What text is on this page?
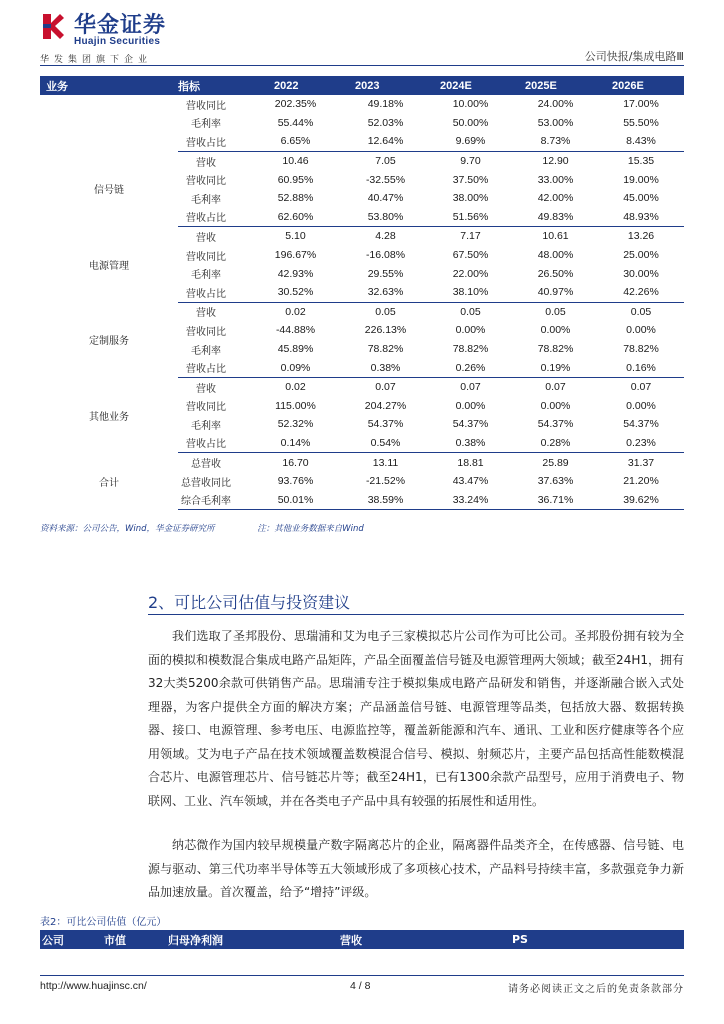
华金证券
Huajin Securities
华发集团旗下企业	公司快报/集成电路Ⅲ
业务	指标	2022	2023	2024E	2025E	2026E
	营收同比	202.35%	49.18%	10.00%	24.00%	17.00%
	毛利率	55.44%	52.03%	50.00%	53.00%	55.50%
	营收占比	6.65%	12.64%	9.69%	8.73%	8.43%
信号链	营收	10.46	7.05	9.70	12.90	15.35
	营收同比	60.95%	-32.55%	37.50%	33.00%	19.00%
	毛利率	52.88%	40.47%	38.00%	42.00%	45.00%
	营收占比	62.60%	53.80%	51.56%	49.83%	48.93%
电源管理	营收	5.10	4.28	7.17	10.61	13.26
	营收同比	196.67%	-16.08%	67.50%	48.00%	25.00%
	毛利率	42.93%	29.55%	22.00%	26.50%	30.00%
	营收占比	30.52%	32.63%	38.10%	40.97%	42.26%
定制服务	营收	0.02	0.05	0.05	0.05	0.05
	营收同比	-44.88%	226.13%	0.00%	0.00%	0.00%
	毛利率	45.89%	78.82%	78.82%	78.82%	78.82%
	营收占比	0.09%	0.38%	0.26%	0.19%	0.16%
其他业务	营收	0.02	0.07	0.07	0.07	0.07
	营收同比	115.00%	204.27%	0.00%	0.00%	0.00%
	毛利率	52.32%	54.37%	54.37%	54.37%	54.37%
	营收占比	0.14%	0.54%	0.38%	0.28%	0.23%
合计	总营收	16.70	13.11	18.81	25.89	31.37
	总营收同比	93.76%	-21.52%	43.47%	37.63%	21.20%
	综合毛利率	50.01%	38.59%	33.24%	36.71%	39.62%
资料来源：公司公告，Wind，华金证券研究所	注：其他业务数据来自Wind
2、可比公司估值与投资建议
我们选取了圣邦股份、思瑞浦和艾为电子三家模拟芯片公司作为可比公司。圣邦股份拥有较为全面的模拟和模数混合集成电路产品矩阵，产品全面覆盖信号链及电源管理两大领域；截至24H1，拥有32大类5200余款可供销售产品。思瑞浦专注于模拟集成电路产品研发和销售，并逐渐融合嵌入式处理器，为客户提供全方面的解决方案；产品涵盖信号链、电源管理等品类，包括放大器、数据转换器、接口、电源管理、参考电压、电源监控等，覆盖新能源和汽车、通讯、工业和医疗健康等各个应用领域。艾为电子产品在技术领域覆盖数模混合信号、模拟、射频芯片，主要产品包括高性能数模混合芯片、电源管理芯片、信号链芯片等；截至24H1，已有1300余款产品型号，应用于消费电子、物联网、工业、汽车领域，并在各类电子产品中具有较强的拓展性和适用性。
纳芯微作为国内较早规模量产数字隔离芯片的企业，隔离器件品类齐全，在传感器、信号链、电源与驱动、第三代功率半导体等五大领域形成了多项核心技术，产品料号持续丰富，多款强竞争力新品加速放量。首次覆盖，给予“增持”评级。
表2：可比公司估值（亿元）
公司	市值	归母净利润	营收	PS
http://www.huajinsc.cn/	4 / 8	请务必阅读正文之后的免责条款部分
